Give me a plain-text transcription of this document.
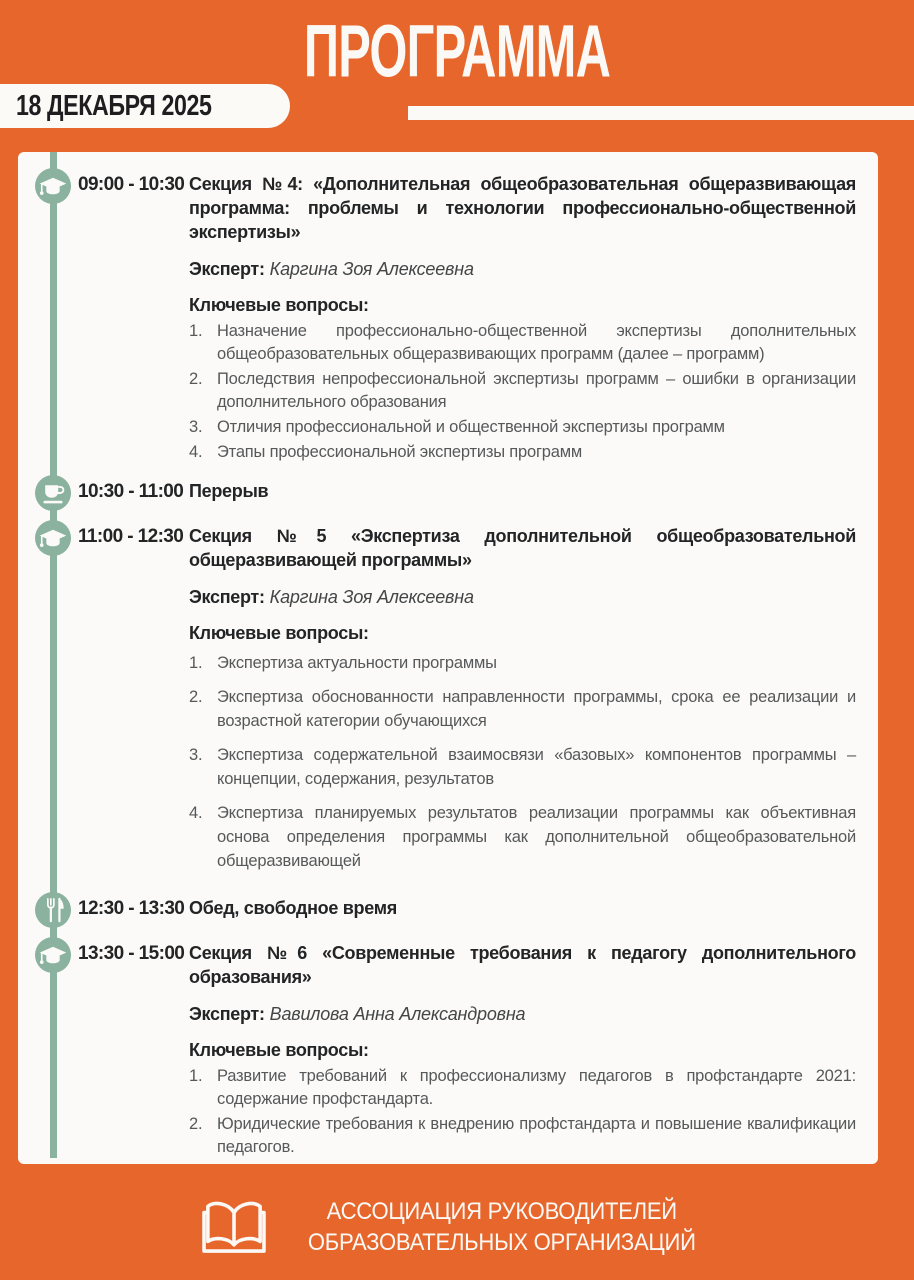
ПРОГРАММА
18 ДЕКАБРЯ 2025
09:00 - 10:30 Секция №4: «Дополнительная общеобразовательная общеразвивающая программа: проблемы и технологии профессионально-общественной экспертизы»
Эксперт: Каргина Зоя Алексеевна
Ключевые вопросы:
Назначение профессионально-общественной экспертизы дополнительных общеобразовательных общеразвивающих программ (далее – программ)
Последствия непрофессиональной экспертизы программ – ошибки в организации дополнительного образования
Отличия профессиональной и общественной экспертизы программ
Этапы профессиональной экспертизы программ
10:30 - 11:00 Перерыв
11:00 - 12:30 Секция №5 «Экспертиза дополнительной общеобразовательной общеразвивающей программы»
Эксперт: Каргина Зоя Алексеевна
Ключевые вопросы:
Экспертиза актуальности программы
Экспертиза обоснованности направленности программы, срока ее реализации и возрастной категории обучающихся
Экспертиза содержательной взаимосвязи «базовых» компонентов программы – концепции, содержания, результатов
Экспертиза планируемых результатов реализации программы как объективная основа определения программы как дополнительной общеобразовательной общеразвивающей
12:30 - 13:30 Обед, свободное время
13:30 - 15:00 Секция №6 «Современные требования к педагогу дополнительного образования»
Эксперт: Вавилова Анна Александровна
Ключевые вопросы:
Развитие требований к профессионализму педагогов в профстандарте 2021: содержание профстандарта.
Юридические требования к внедрению профстандарта и повышение квалификации педагогов.
АССОЦИАЦИЯ РУКОВОДИТЕЛЕЙ
ОБРАЗОВАТЕЛЬНЫХ ОРГАНИЗАЦИЙ
